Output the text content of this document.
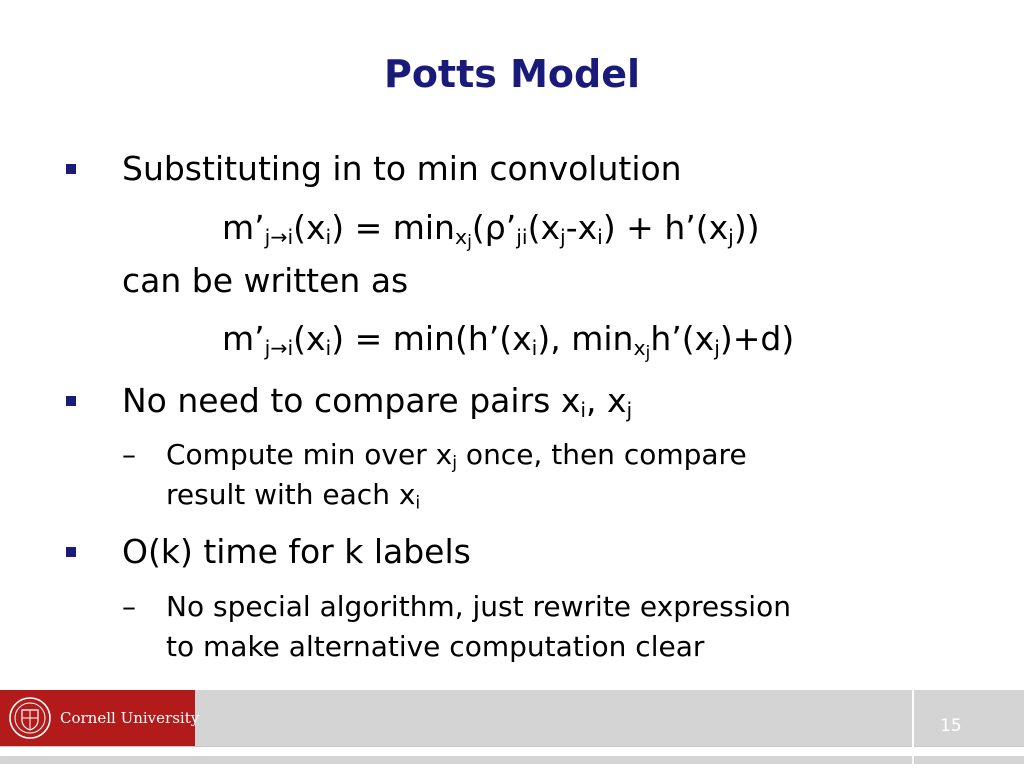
Potts Model
Substituting in to min convolution
$m’_{j\to i}(x_i)$ = $\min_{x_j}(\rho’_{ji}(x_j-x_i)$ + $h’(x_j)$)
can be written as
$m’_{j\to i}(x_i)$ = $\min(h’(x_i)$, $\min_{x_j}h’(x_j)+d$)
No need to compare pairs $x_i$, $x_j$
– Compute min over $x_j$ once, then compare
result with each $x_i$
O(k) time for k labels
– No special algorithm, just rewrite expression
to make alternative computation clear
Cornell University	15
